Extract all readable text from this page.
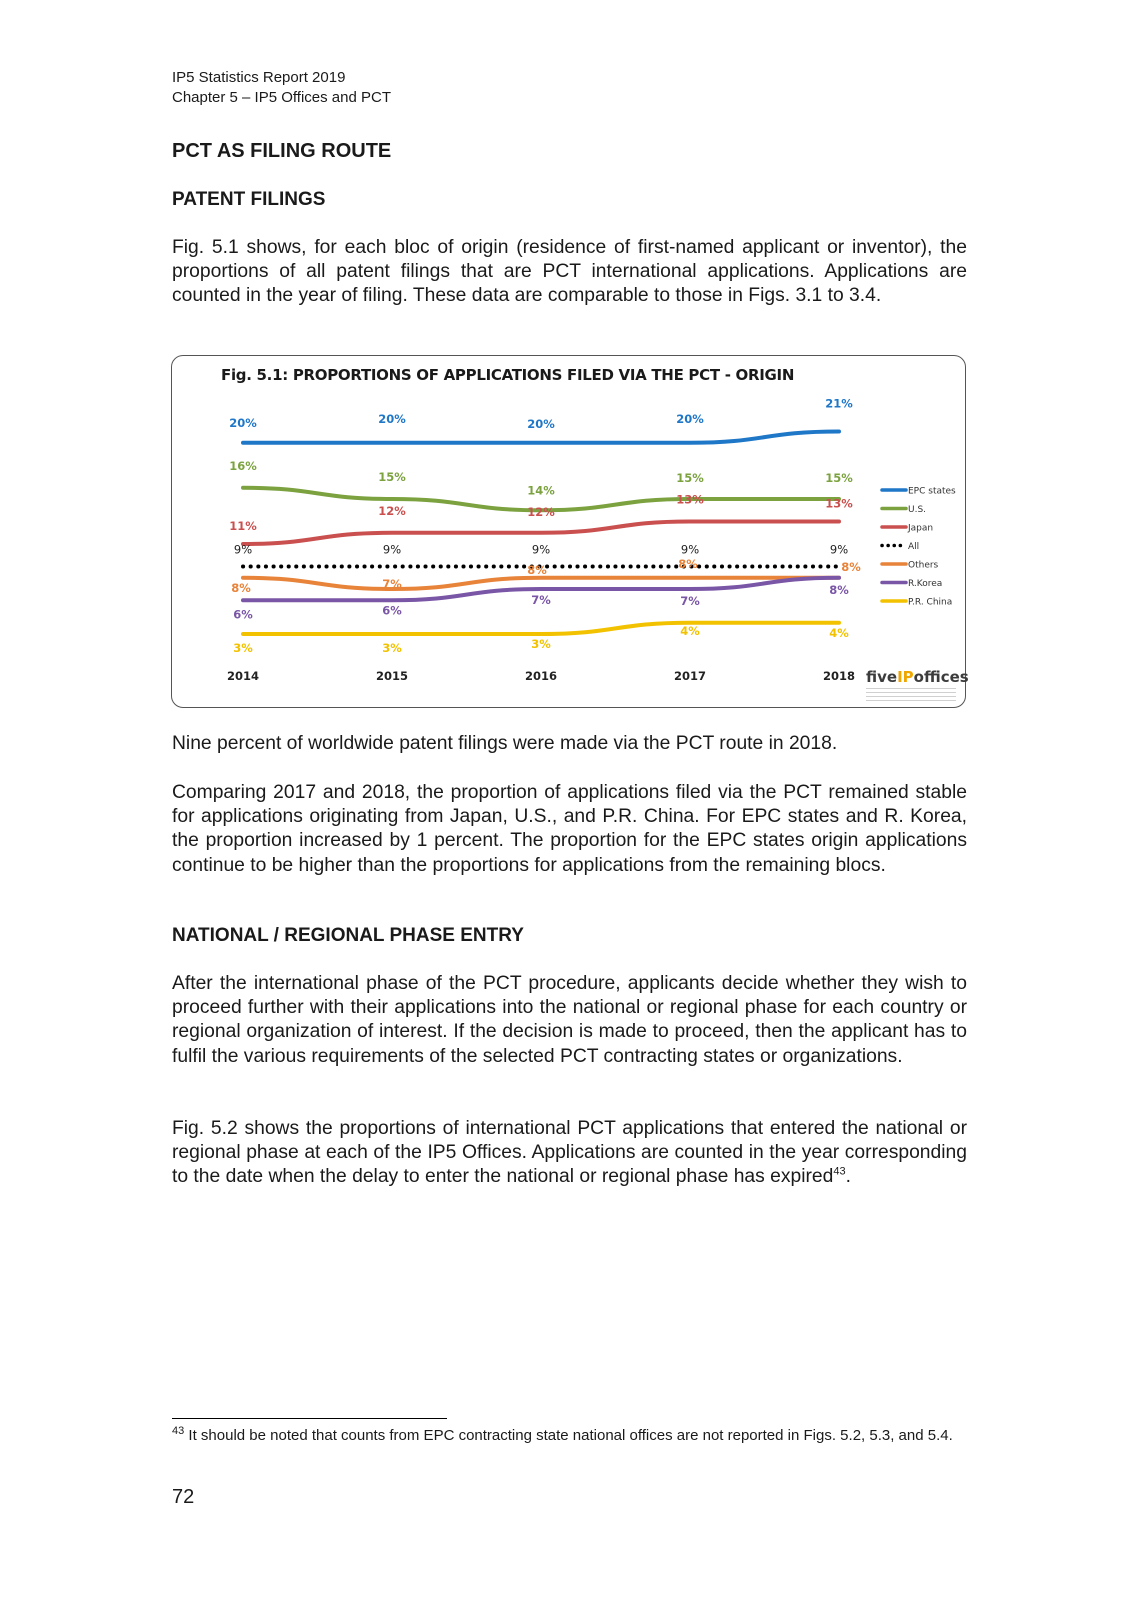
IP5 Statistics Report 2019
Chapter 5 – IP5 Offices and PCT
PCT AS FILING ROUTE
PATENT FILINGS

Fig. 5.1 shows, for each bloc of origin (residence of first-named applicant or inventor), the proportions of all patent filings that are PCT international applications. Applications are counted in the year of filing. These data are comparable to those in Figs. 3.1 to 3.4.

Fig. 5.1: PROPORTIONS OF APPLICATIONS FILED VIA THE PCT - ORIGIN
20%	20%	20%	20%
21%
EPC states
16%
15%
14%
15%	15%
U.S.
11%
12%	12%
13%	13%
Japan
9%	9%	9%	9%	9%	All
8%	7%
8%	8%	8%	Others
6%	6%
7%	7%
8%	R.Korea
3%	3%	3%
4%	4%
P.R. China
2014	2015	2016	2017	2018 fiveIPoffices

Nine percent of worldwide patent filings were made via the PCT route in 2018.

Comparing 2017 and 2018, the proportion of applications filed via the PCT remained stable for applications originating from Japan, U.S., and P.R. China. For EPC states and R. Korea, the proportion increased by 1 percent. The proportion for the EPC states origin applications continue to be higher than the proportions for applications from the remaining blocs.

NATIONAL / REGIONAL PHASE ENTRY

After the international phase of the PCT procedure, applicants decide whether they wish to proceed further with their applications into the national or regional phase for each country or regional organization of interest. If the decision is made to proceed, then the applicant has to fulfil the various requirements of the selected PCT contracting states or organizations.

Fig. 5.2 shows the proportions of international PCT applications that entered the national or regional phase at each of the IP5 Offices. Applications are counted in the year corresponding to the date when the delay to enter the national or regional phase has expired$^{43}$.

$^{43}$ It should be noted that counts from EPC contracting state national offices are not reported in Figs. 5.2, 5.3, and 5.4.

72
